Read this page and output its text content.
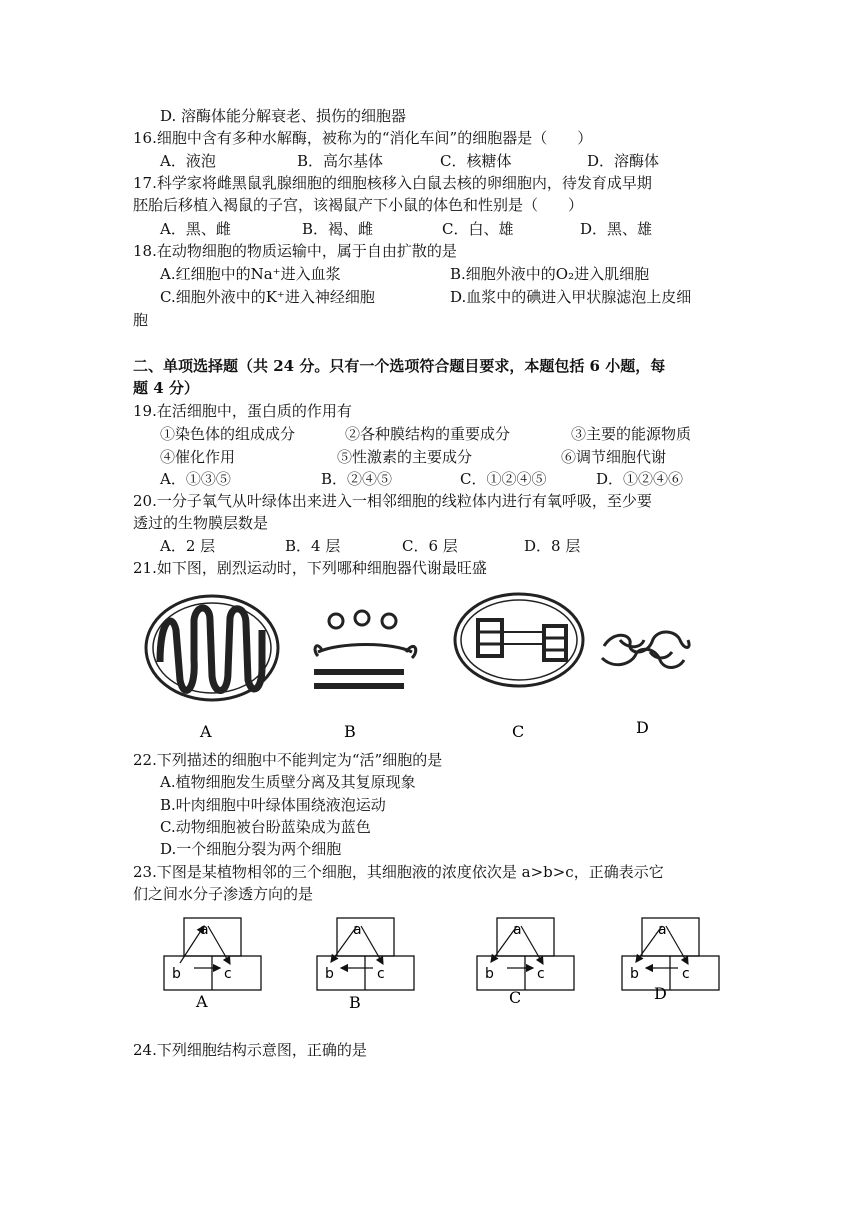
D. 溶酶体能分解衰老、损伤的细胞器
16.细胞中含有多种水解酶，被称为的“消化车间”的细胞器是（　　）
A．液泡	B．高尔基体	C．核糖体	D．溶酶体
17.科学家将雌黑鼠乳腺细胞的细胞核移入白鼠去核的卵细胞内，待发育成早期
胚胎后移植入褐鼠的子宫，该褐鼠产下小鼠的体色和性别是（　　）
A．黑、雌	B．褐、雌	C．白、雄	D．黑、雄
18.在动物细胞的物质运输中，属于自由扩散的是
A.红细胞中的Na⁺进入血浆	B.细胞外液中的O₂进入肌细胞
C.细胞外液中的K⁺进入神经细胞	D.血浆中的碘进入甲状腺滤泡上皮细
胞
二、单项选择题（共 24 分。只有一个选项符合题目要求，本题包括 6 小题，每
题 4 分）
19.在活细胞中，蛋白质的作用有
①染色体的组成成分	②各种膜结构的重要成分	③主要的能源物质
④催化作用	⑤性激素的主要成分	⑥调节细胞代谢
A．①③⑤	B．②④⑤	C．①②④⑤	D．①②④⑥
20.一分子氧气从叶绿体出来进入一相邻细胞的线粒体内进行有氧呼吸，至少要
透过的生物膜层数是
A．2 层	B．4 层	C．6 层	D．8 层
21.如下图，剧烈运动时，下列哪种细胞器代谢最旺盛
A	B	C	D
22.下列描述的细胞中不能判定为“活”细胞的是
A.植物细胞发生质壁分离及其复原现象
B.叶肉细胞中叶绿体围绕液泡运动
C.动物细胞被台盼蓝染成为蓝色
D.一个细胞分裂为两个细胞
23.下图是某植物相邻的三个细胞，其细胞液的浓度依次是 a>b>c，正确表示它
们之间水分子渗透方向的是
a
b	c
A
a
b	c
B
a
b	c
C
a
b	c
D
24.下列细胞结构示意图，正确的是
